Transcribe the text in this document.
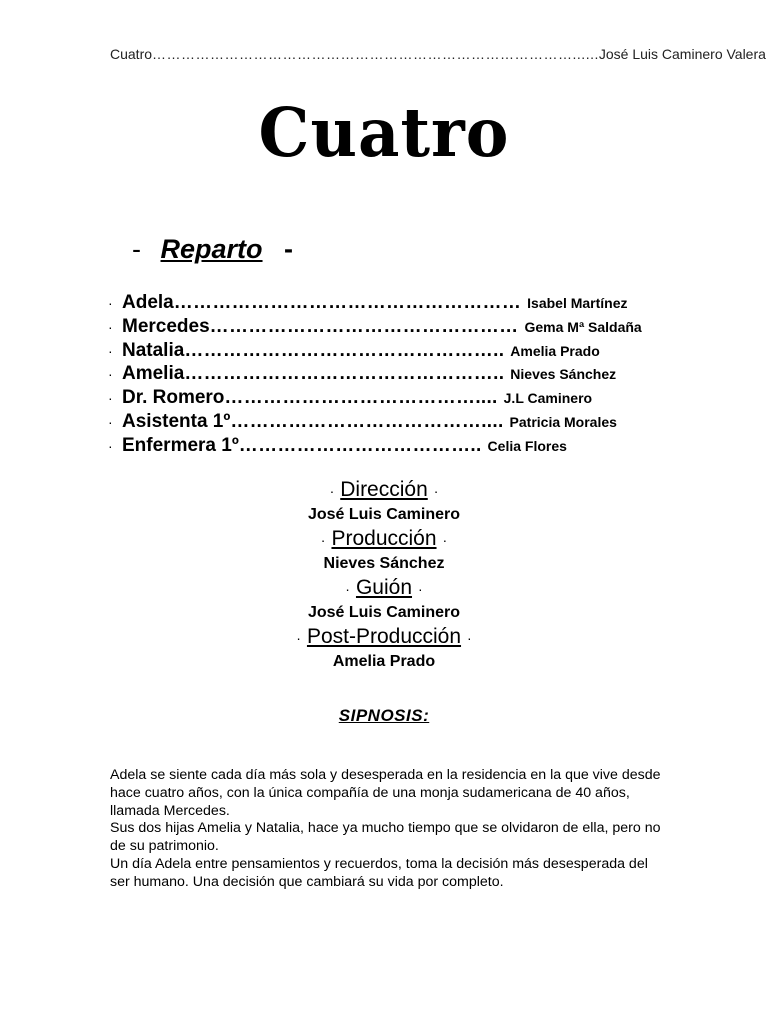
Cuatro ……………………………………………………………………………...... José Luis Caminero Valera
Cuatro
- Reparto -
· Adela ……………………………………………… Isabel Martínez
· Mercedes ………………………………………… Gema Mª Saldaña
· Natalia ………………………………………….. Amelia Prado
· Amelia ………………………………………….. Nieves Sánchez
· Dr. Romero ………………………………….... J.L Caminero
· Asistenta 1º ………………………………….... Patricia Morales
· Enfermera 1º ……………………………….. Celia Flores
· Dirección ·
José Luis Caminero
· Producción ·
Nieves Sánchez
· Guión ·
José Luis Caminero
· Post-Producción ·
Amelia Prado
SIPNOSIS:

Adela se siente cada día más sola y desesperada en la residencia en la que vive desde hace cuatro años, con la única compañía de una monja sudamericana de 40 años, llamada Mercedes.

Sus dos hijas Amelia y Natalia, hace ya mucho tiempo que se olvidaron de ella, pero no de su patrimonio.

Un día Adela entre pensamientos y recuerdos, toma la decisión más desesperada del ser humano. Una decisión que cambiará su vida por completo.
